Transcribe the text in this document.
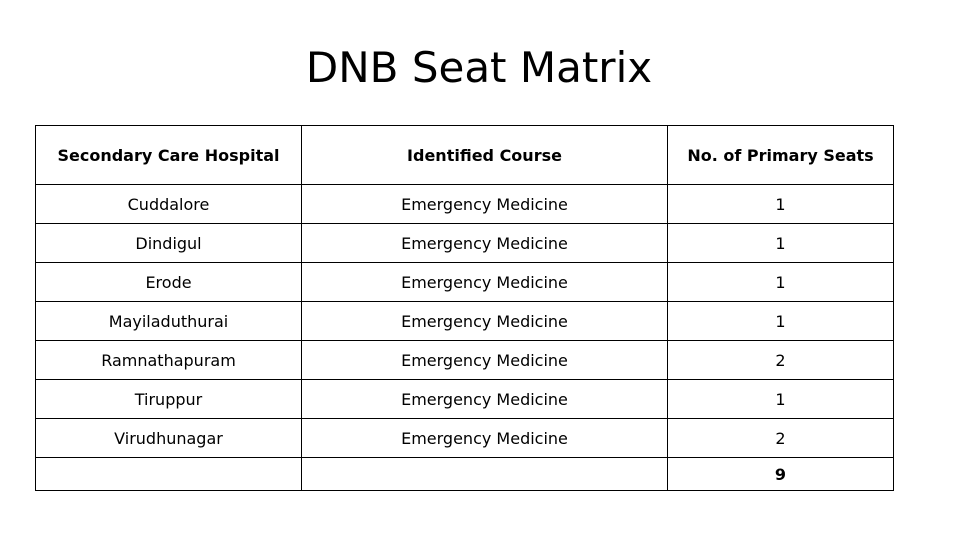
DNB Seat Matrix
Secondary Care Hospital	Identified Course	No. of Primary Seats
Cuddalore	Emergency Medicine	1
Dindigul	Emergency Medicine	1
Erode	Emergency Medicine	1
Mayiladuthurai	Emergency Medicine	1
Ramnathapuram	Emergency Medicine	2
Tiruppur	Emergency Medicine	1
Virudhunagar	Emergency Medicine	2
		9
